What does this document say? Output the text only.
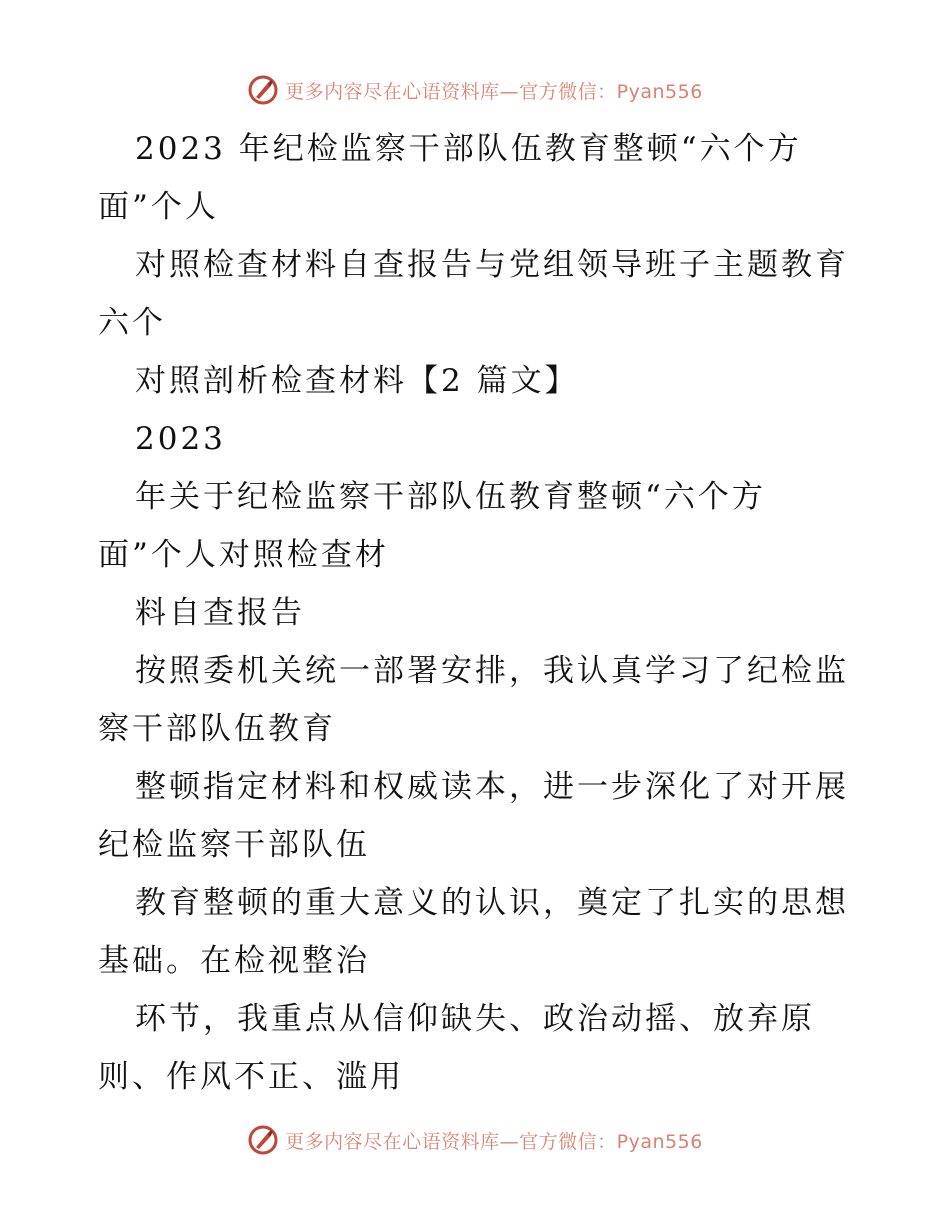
更多内容尽在心语资料库—官方微信：Pyan556
2023 年纪检监察干部队伍教育整顿“六个方
面”个人
对照检查材料自查报告与党组领导班子主题教育
六个
对照剖析检查材料【2 篇文】
2023
年关于纪检监察干部队伍教育整顿“六个方
面”个人对照检查材
料自查报告
按照委机关统一部署安排，我认真学习了纪检监
察干部队伍教育
整顿指定材料和权威读本，进一步深化了对开展
纪检监察干部队伍
教育整顿的重大意义的认识，奠定了扎实的思想
基础。在检视整治
环节，我重点从信仰缺失、政治动摇、放弃原
则、作风不正、滥用
更多内容尽在心语资料库—官方微信：Pyan556
